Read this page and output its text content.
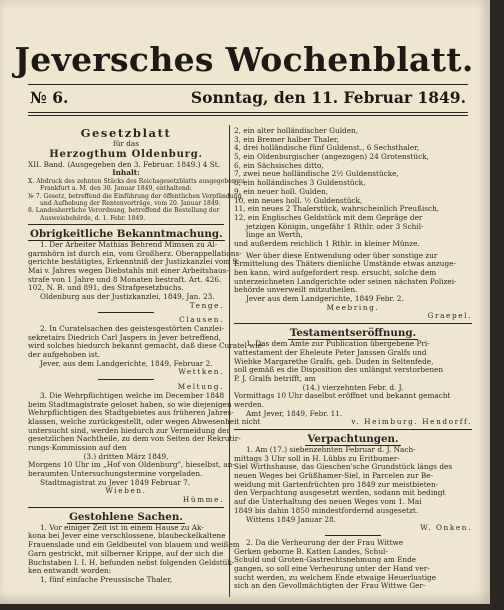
Jeversches Wochenblatt.
№ 6.	Sonntag, den 11. Februar 1849.
Gesetzblatt
für das
Herzogthum Oldenburg.
XII. Band. (Ausgegeben den 3. Februar. 1849.) 4 St.
Inhalt:
X. Abdruck des zehnten Stücks des Reichsgesetzblatts ausgegeben zu
Frankfurt a. M. den 30. Januar 1849, enthaltend:
№ 7. Gesetz, betreffend die Einführung der öffentlichen Verpfändung
und Aufhebung der Rentenvorträge, vom 20. Januar 1849.
8. Landesherrliche Verordnung, betreffend die Bestellung der
Ausweisbehörde, d. 1. Febr. 1849.
Obrigkeitliche Bekanntmachung.
1. Der Arbeiter Mathias Behrend Mimsen zu Al-
garmhörn ist durch ein, vom Großherz. Oberappellations-
gerichte bestätigtes, Erkenntniß der Justizkanzlei vom 9.
Mai v. Jahres wegen Diebstahls mit einer Arbeitshaus-
strafe von 1 Jahre und 8 Monaten bestraft. Art. 426.
102, N. B. und 891, des Strafgesetzbuchs.
Oldenburg aus der Justizkanzlei, 1849, Jan. 23.
Tenge.
Clausen.
2. In Curatelsachen des geistesgestörten Canzlei-
sekretairs Diedrich Carl Jaspers in Jever betreffend,
wird solches hiedurch bekannt gemacht, daß diese Curatel wie-
der aufgehoben ist.
Jever, aus dem Landgerichte, 1849, Februar 2.
Wettken.
Meltung.
3. Die Wehrpflichtigen welche im December 1848
beim Stadtmagistrate geloset haben, so wie diejenigen
Wehrpflichtigen des Stadtgebietes aus früheren Jahres-
klassen, welche zurückgestellt, oder wegen Abwesenheit nicht
untersucht sind, werden hiedurch zur Vermeidung der
gesetzlichen Nachtheile, zu dem von Seiten der Rekrutir-
rungs-Kommission auf den
(3.) dritten März 1849,
Morgens 10 Uhr im „Hof von Oldenburg", hieselbst, an-
beraumten Untersuchungstermine vorgeladen.
Stadtmagistrat zu Jever 1849 Februar 7.
Wieben.
Hümme.
Gestohlene Sachen.
1. Vor einiger Zeit ist in einem Hause zu Ak-
kona bei Jever eine verschlossene, blaubeckelkaltene
Frauenslade und ein Geldbeutel von blauem und weißem
Garn gestrickt, mit silberner Krippe, auf der sich die
Buchstaben I. I. H. befunden nebst folgenden Geldstük-
ken entwandt worden:
1, fünf einfache Preussische Thaler,
2, ein alter holländischer Gulden,
3, ein Bremer halber Thaler,
4, drei holländische fünf Guldenst., 6 Sechsthaler,
5, ein Oldenburgischer (angezogen) 24 Grotenstück,
6, ein Sächsisches ditto,
7, zwei neue holländische 2½ Guldenstücke,
8, ein holländisches 3 Guldenstück,
9, ein neuer holl. Gulden,
10, ein neues holl. ½ Guldenstück,
11, ein neues 2 Thalerstück, wahrscheinlich Preußisch,
12, ein Englisches Geldstück mit dem Gepräge der
jetzigen Königin, ungefähr 1 Rthlr. oder 3 Schil-
linge an Werth,
und außerdem reichlich 1 Rthlr. in kleiner Münze.
Wer über diese Entwendung oder über sonstige zur
Ermittelung des Thäters dienliche Umstände etwas anzuge-
ben kann, wird aufgefordert resp. ersucht, solche dem
unterzeichneten Landgerichte oder seinen nächsten Polizei-
behörde unverweilt mitzutheilen.
Jever aus dem Landgerichte, 1849 Febr. 2.
Meebring.
Graepel.
Testamentseröffnung.
1. Das dem Amte zur Publication übergebene Pri-
vattestament der Eheleute Peter Janssen Gralfs und
Wiebke Margarethe Gralfs, geb. Duden in Seltenfede,
soll gemäß es die Disposition des unlängst verstorbenen
P. J. Gralfs betrifft, am
(14.) vierzehnten Febr. d. J.
Vormittags 10 Uhr daselbst eröffnet und bekannt gemacht
werden.
Amt Jever, 1849, Febr. 11.
v. Heimburg. Hendorff.
Verpachtungen.
1. Am (17.) siebenzehnten Februar d. J. Nach-
mittags 3 Uhr soll in H. Lübbs zu Eritbumer-
Siel Wirthshause, das Gieschen'sche Grundstück längs des
neuen Weges bei Grüßhamer-Siel, in Parcelen zur Be-
weidung mit Gartenfrüchten pro 1849 zur meistbieten-
den Verpachtung ausgesetzt werden, sodann mit bedingt
auf die Unterhaltung des neuen Weges vom 1. Mai
1849 bis dahin 1850 mindestfordernd ausgesetzt.
Wittens 1849 Januar 28.
W. Onken.
2. Da die Verheurung der der Frau Wittwe
Gerken geborne B. Katten Landes, Schul-
Schuld und Groten-Gastrechtsnehmung am Ende
gangen, so soll eine Verheurung unter der Hand ver-
sucht werden, zu welchem Ende etwaige Heuerlustige
sich an den Gevollmächtigten der Frau Wittwe Ger-
